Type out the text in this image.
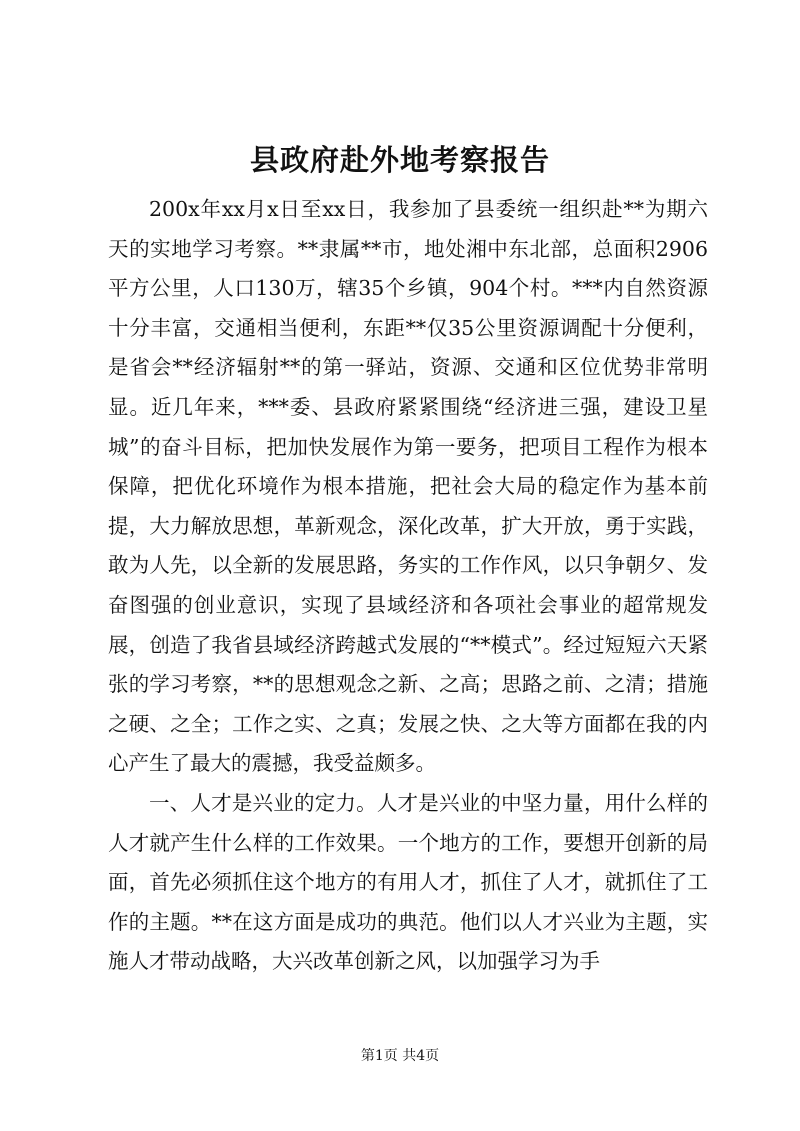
县政府赴外地考察报告

200x年xx月x日至xx日，我参加了县委统一组织赴**为期六天的实地学习考察。**隶属**市，地处湘中东北部，总面积2906平方公里，人口130万，辖35个乡镇，904个村。***内自然资源十分丰富，交通相当便利，东距**仅35公里资源调配十分便利，是省会**经济辐射**的第一驿站，资源、交通和区位优势非常明显。近几年来，***委、县政府紧紧围绕“经济进三强，建设卫星城”的奋斗目标，把加快发展作为第一要务，把项目工程作为根本保障，把优化环境作为根本措施，把社会大局的稳定作为基本前提，大力解放思想，革新观念，深化改革，扩大开放，勇于实践，敢为人先，以全新的发展思路，务实的工作作风，以只争朝夕、发奋图强的创业意识，实现了县域经济和各项社会事业的超常规发展，创造了我省县域经济跨越式发展的“**模式”。经过短短六天紧张的学习考察，**的思想观念之新、之高；思路之前、之清；措施之硬、之全；工作之实、之真；发展之快、之大等方面都在我的内心产生了最大的震撼，我受益颇多。

一、人才是兴业的定力。人才是兴业的中坚力量，用什么样的人才就产生什么样的工作效果。一个地方的工作，要想开创新的局面，首先必须抓住这个地方的有用人才，抓住了人才，就抓住了工作的主题。**在这方面是成功的典范。他们以人才兴业为主题，实施人才带动战略，大兴改革创新之风，以加强学习为手

第1页 共4页
